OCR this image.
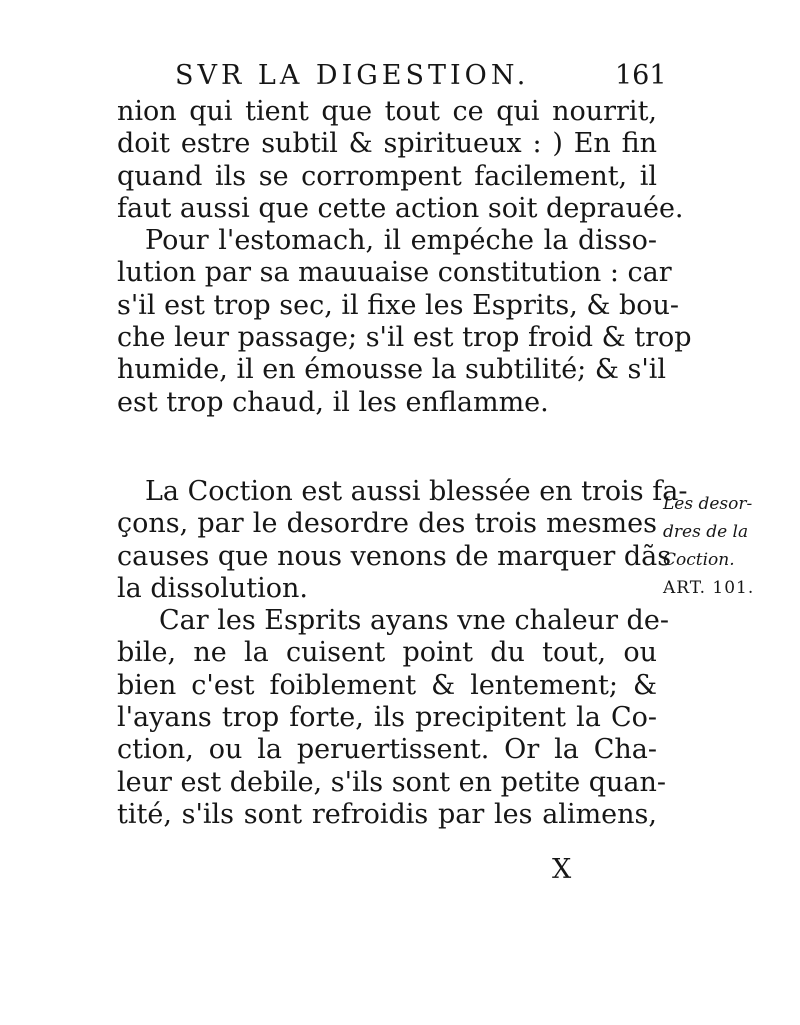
SVR LA DIGESTION.	161
nion qui tient que tout ce qui nourrit,
doit estre subtil & spiritueux : ) En fin
quand ils se corrompent facilement, il
faut aussi que cette action soit deprauée.
Pour l'estomach, il empéche la disso-
lution par sa mauuaise constitution : car
s'il est trop sec, il fixe les Esprits, & bou-
che leur passage; s'il est trop froid & trop
humide, il en émousse la subtilité; & s'il
est trop chaud, il les enflamme.
La Coction est aussi blessée en trois fa-
çons, par le desordre des trois mesmes
causes que nous venons de marquer dãs
la dissolution.
Car les Esprits ayans vne chaleur de-
bile, ne la cuisent point du tout, ou
bien c'est foiblement & lentement; &
l'ayans trop forte, ils precipitent la Co-
ction, ou la peruertissent. Or la Cha-
leur est debile, s'ils sont en petite quan-
tité, s'ils sont refroidis par les alimens,
Les desor-
dres de la
Coction.
ART. 101.
X
